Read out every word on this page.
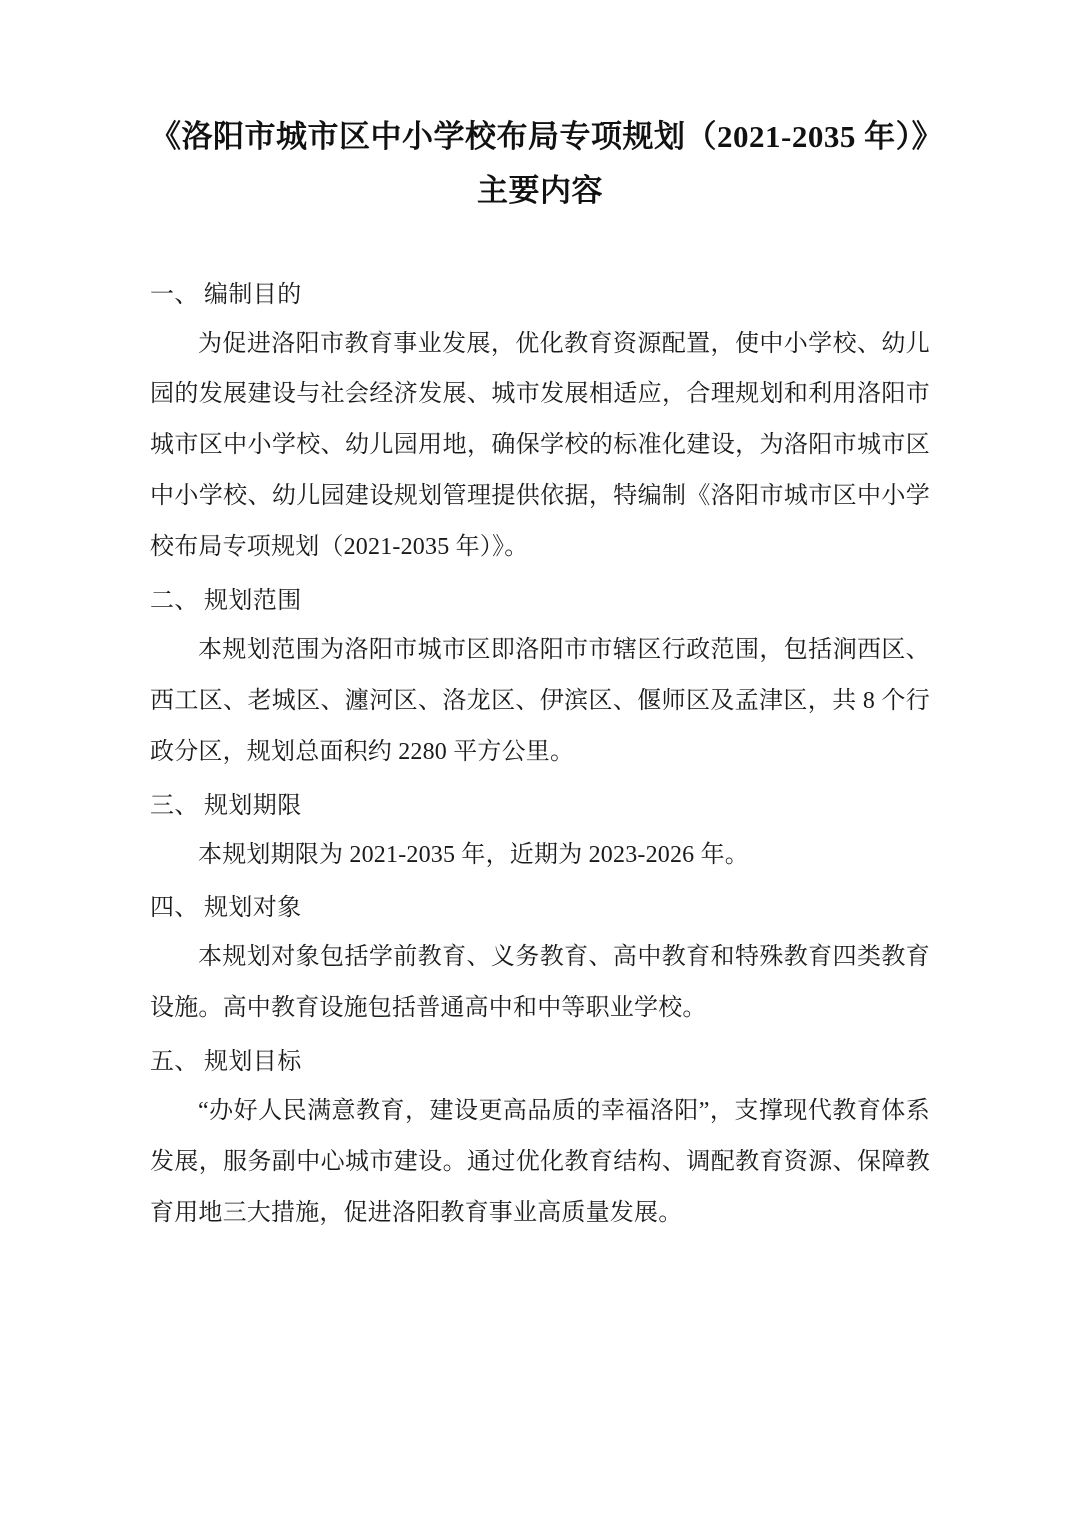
《洛阳市城市区中小学校布局专项规划（2021-2035 年）》
主要内容

一、 编制目的

为促进洛阳市教育事业发展，优化教育资源配置，使中小学校、幼儿园的发展建设与社会经济发展、城市发展相适应，合理规划和利用洛阳市城市区中小学校、幼儿园用地，确保学校的标准化建设，为洛阳市城市区中小学校、幼儿园建设规划管理提供依据，特编制《洛阳市城市区中小学校布局专项规划（2021-2035 年）》。

二、 规划范围

本规划范围为洛阳市城市区即洛阳市市辖区行政范围，包括涧西区、西工区、老城区、瀍河区、洛龙区、伊滨区、偃师区及孟津区，共 8 个行政分区，规划总面积约 2280 平方公里。

三、 规划期限

本规划期限为 2021-2035 年，近期为 2023-2026 年。

四、 规划对象

本规划对象包括学前教育、义务教育、高中教育和特殊教育四类教育设施。高中教育设施包括普通高中和中等职业学校。

五、 规划目标

“办好人民满意教育，建设更高品质的幸福洛阳”，支撑现代教育体系发展，服务副中心城市建设。通过优化教育结构、调配教育资源、保障教育用地三大措施，促进洛阳教育事业高质量发展。
